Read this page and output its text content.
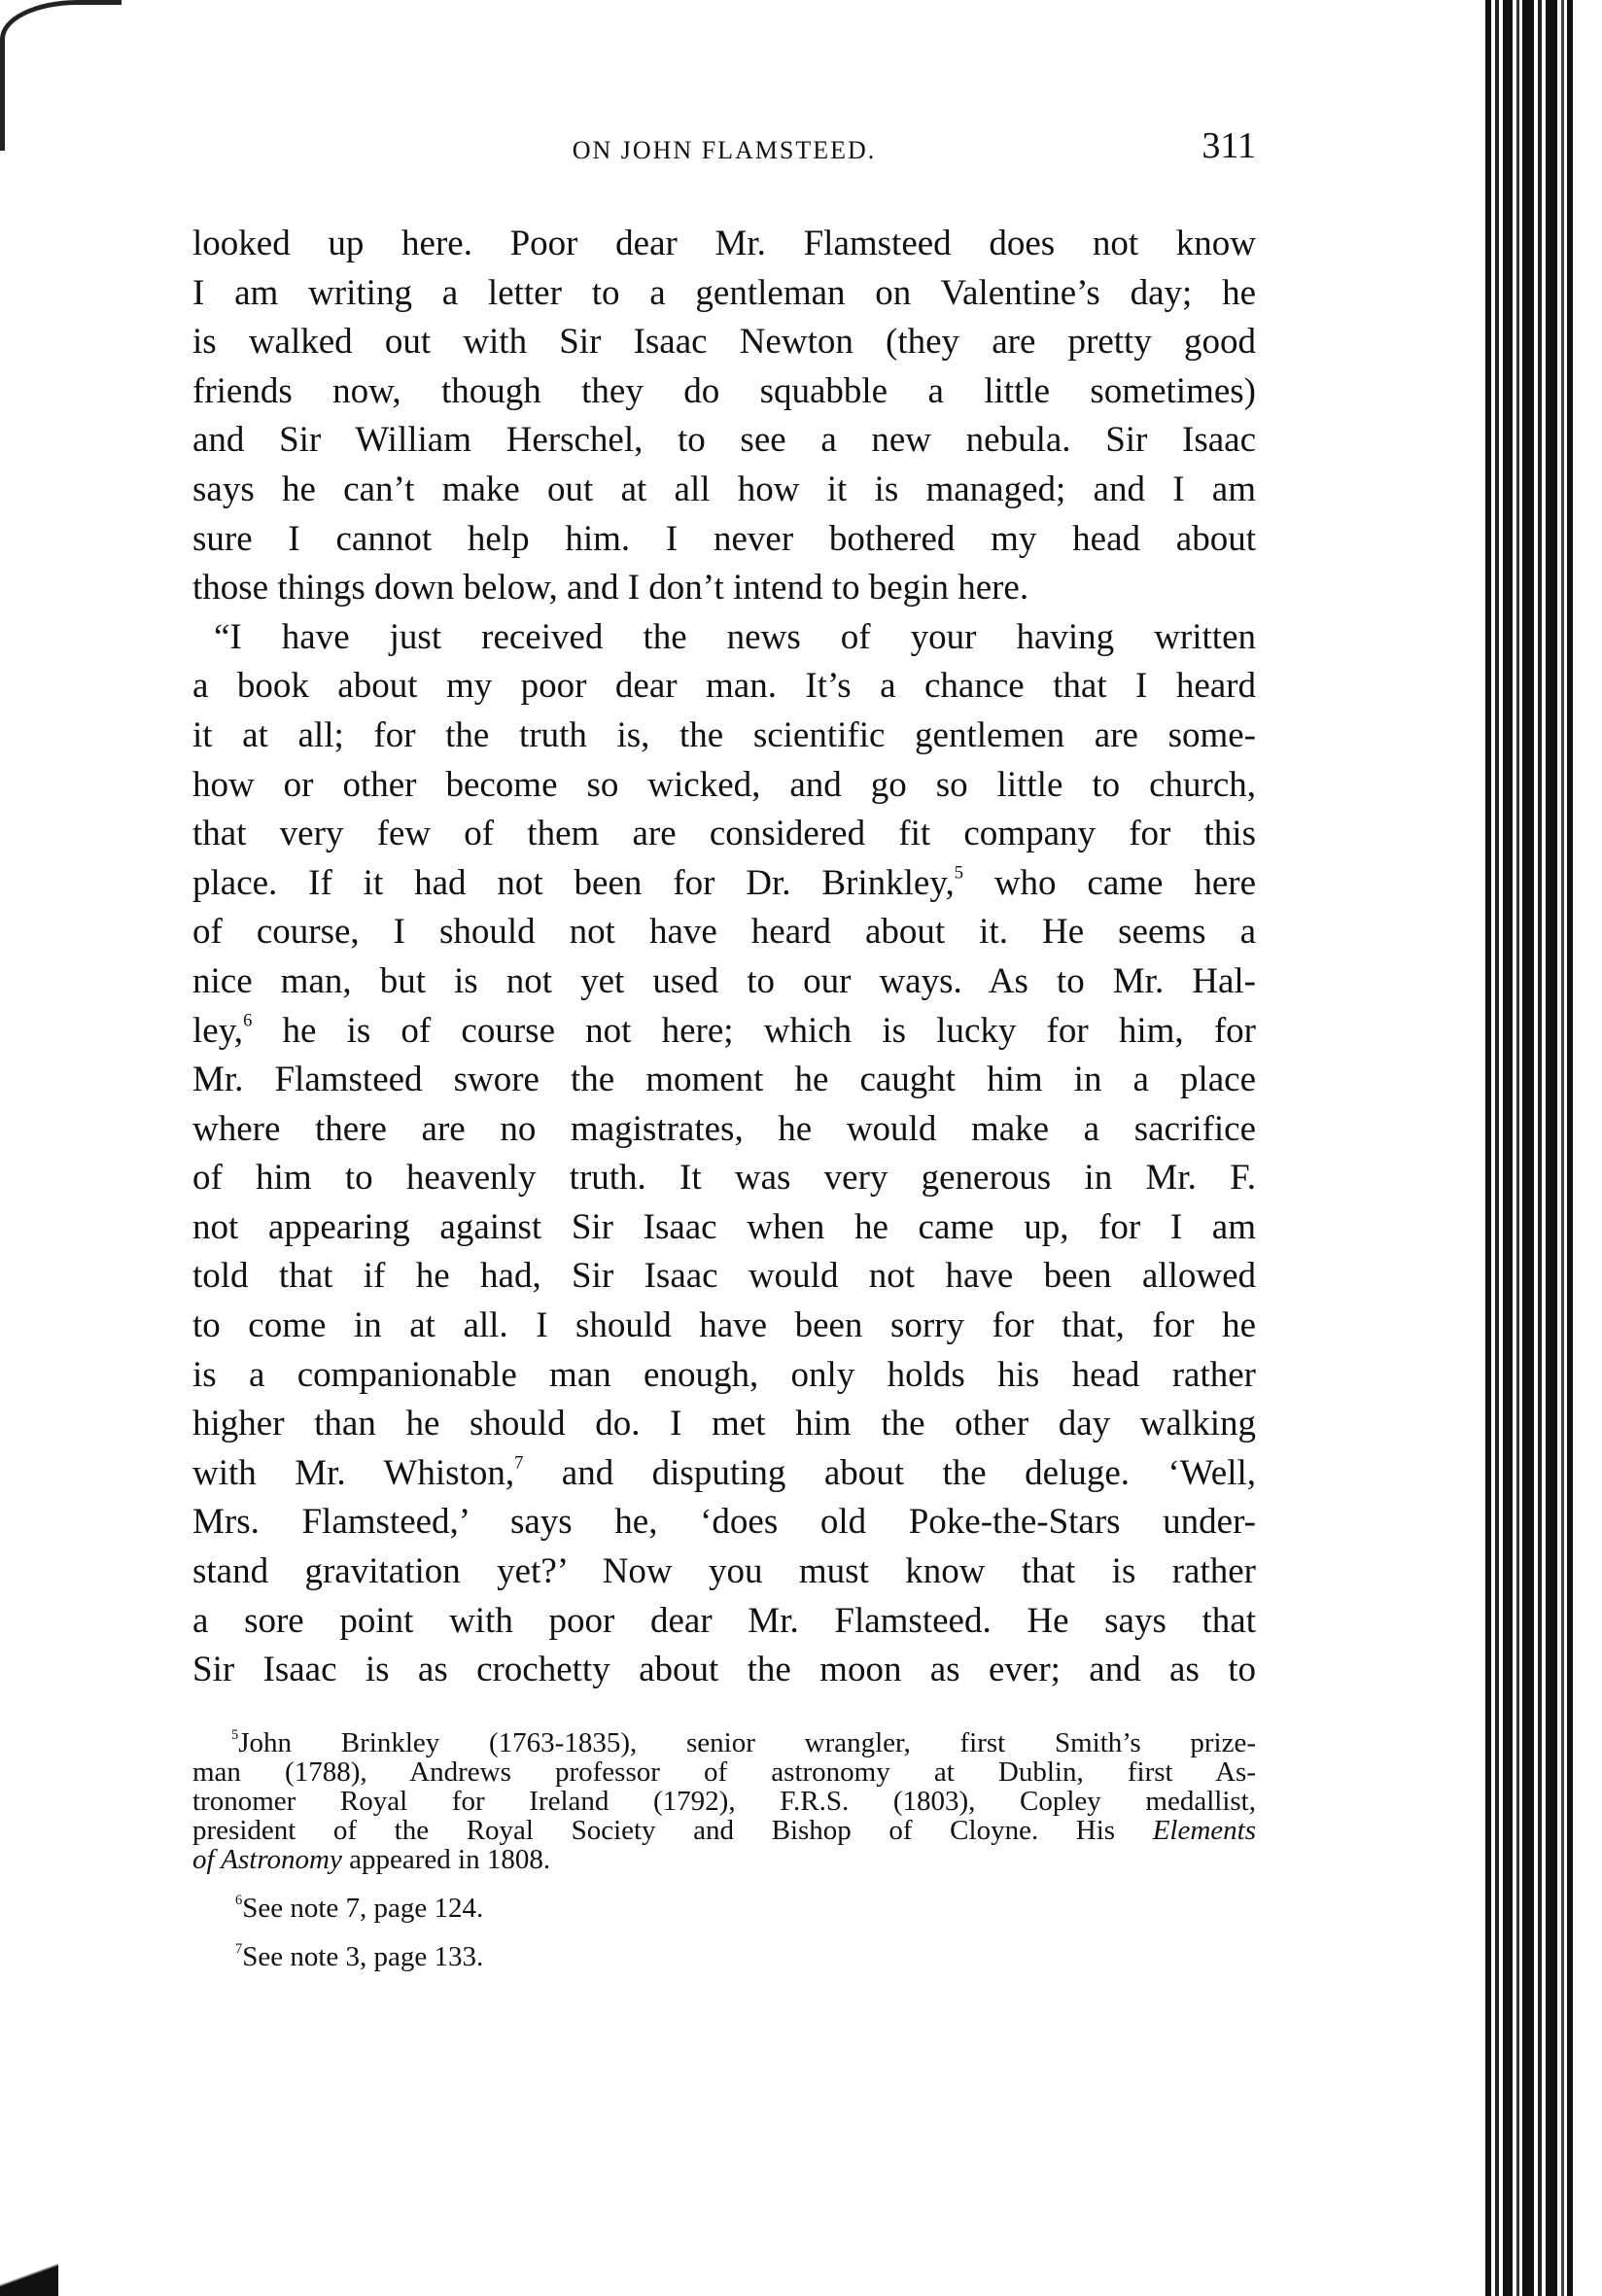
ON JOHN FLAMSTEED.	311
looked up here. Poor dear Mr. Flamsteed does not know
I am writing a letter to a gentleman on Valentine’s day; he
is walked out with Sir Isaac Newton (they are pretty good
friends now, though they do squabble a little sometimes)
and Sir William Herschel, to see a new nebula. Sir Isaac
says he can’t make out at all how it is managed; and I am
sure I cannot help him. I never bothered my head about
those things down below, and I don’t intend to begin here.
“I have just received the news of your having written
a book about my poor dear man. It’s a chance that I heard
it at all; for the truth is, the scientific gentlemen are some-
how or other become so wicked, and go so little to church,
that very few of them are considered fit company for this
place. If it had not been for Dr. Brinkley,$^5$ who came here
of course, I should not have heard about it. He seems a
nice man, but is not yet used to our ways. As to Mr. Hal-
ley,$^6$ he is of course not here; which is lucky for him, for
Mr. Flamsteed swore the moment he caught him in a place
where there are no magistrates, he would make a sacrifice
of him to heavenly truth. It was very generous in Mr. F.
not appearing against Sir Isaac when he came up, for I am
told that if he had, Sir Isaac would not have been allowed
to come in at all. I should have been sorry for that, for he
is a companionable man enough, only holds his head rather
higher than he should do. I met him the other day walking
with Mr. Whiston,$^7$ and disputing about the deluge. ‘Well,
Mrs. Flamsteed,’ says he, ‘does old Poke-the-Stars under-
stand gravitation yet?’ Now you must know that is rather
a sore point with poor dear Mr. Flamsteed. He says that
Sir Isaac is as crochetty about the moon as ever; and as to
$^5$John Brinkley (1763-1835), senior wrangler, first Smith’s prize-
man (1788), Andrews professor of astronomy at Dublin, first As-
tronomer Royal for Ireland (1792), F.R.S. (1803), Copley medallist,
president of the Royal Society and Bishop of Cloyne. His Elements
of Astronomy appeared in 1808.
$^6$See note 7, page 124.
$^7$See note 3, page 133.
